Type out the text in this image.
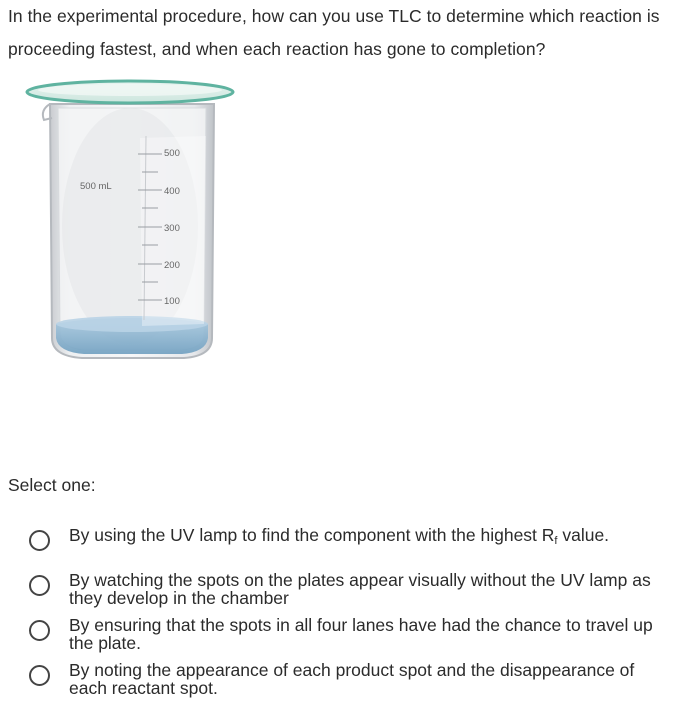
In the experimental procedure, how can you use TLC to determine which reaction is proceeding fastest, and when each reaction has gone to completion?
500
400
300
200
100
500 mL
Select one:
By using the UV lamp to find the component with the highest $R_f$ value.
By watching the spots on the plates appear visually without the UV lamp as they develop in the chamber
By ensuring that the spots in all four lanes have had the chance to travel up the plate.
By noting the appearance of each product spot and the disappearance of each reactant spot.
